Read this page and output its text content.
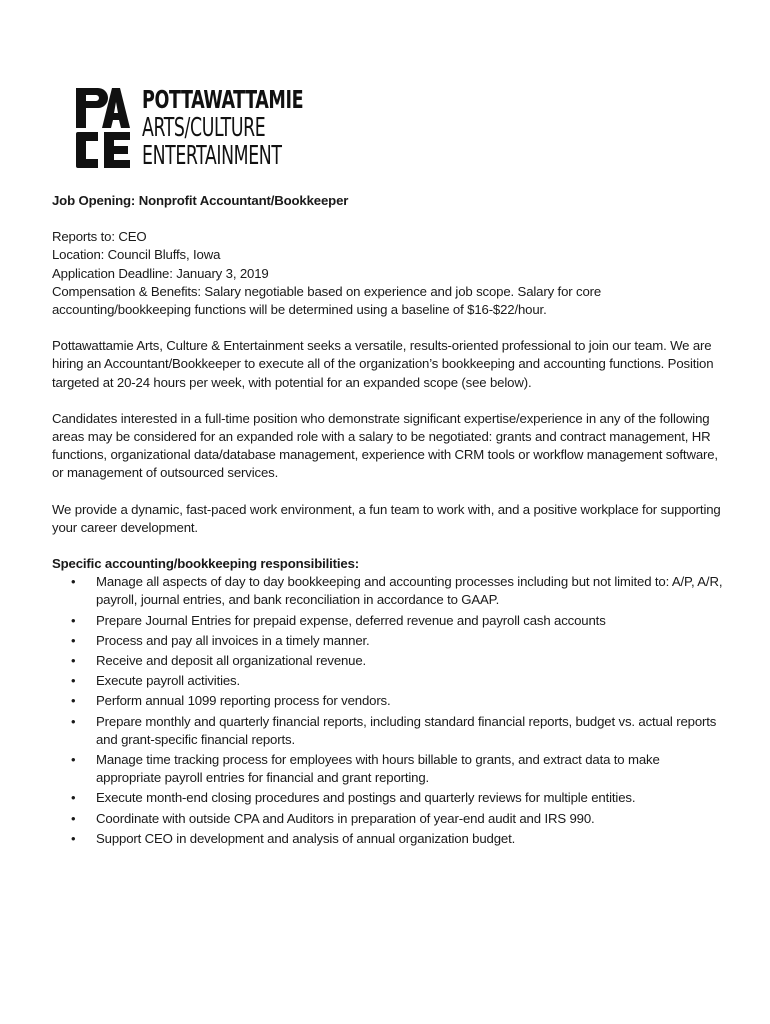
POTTAWATTAMIE
ARTS/CULTURE
ENTERTAINMENT

Job Opening: Nonprofit Accountant/Bookkeeper

Reports to: CEO

Location: Council Bluffs, Iowa

Application Deadline: January 3, 2019

Compensation & Benefits: Salary negotiable based on experience and job scope. Salary for core accounting/bookkeeping functions will be determined using a baseline of $16-$22/hour.

Pottawattamie Arts, Culture & Entertainment seeks a versatile, results-oriented professional to join our team. We are hiring an Accountant/Bookkeeper to execute all of the organization’s bookkeeping and accounting functions. Position targeted at 20-24 hours per week, with potential for an expanded scope (see below).

Candidates interested in a full-time position who demonstrate significant expertise/experience in any of the following areas may be considered for an expanded role with a salary to be negotiated: grants and contract management, HR functions, organizational data/database management, experience with CRM tools or workflow management software, or management of outsourced services.

We provide a dynamic, fast-paced work environment, a fun team to work with, and a positive workplace for supporting your career development.

Specific accounting/bookkeeping responsibilities:

• Manage all aspects of day to day bookkeeping and accounting processes including but not limited to: A/P, A/R, payroll, journal entries, and bank reconciliation in accordance to GAAP.
• Prepare Journal Entries for prepaid expense, deferred revenue and payroll cash accounts
• Process and pay all invoices in a timely manner.
• Receive and deposit all organizational revenue.
• Execute payroll activities.
• Perform annual 1099 reporting process for vendors.
• Prepare monthly and quarterly financial reports, including standard financial reports, budget vs. actual reports and grant-specific financial reports.
• Manage time tracking process for employees with hours billable to grants, and extract data to make appropriate payroll entries for financial and grant reporting.
• Execute month-end closing procedures and postings and quarterly reviews for multiple entities.
• Coordinate with outside CPA and Auditors in preparation of year-end audit and IRS 990.
• Support CEO in development and analysis of annual organization budget.
